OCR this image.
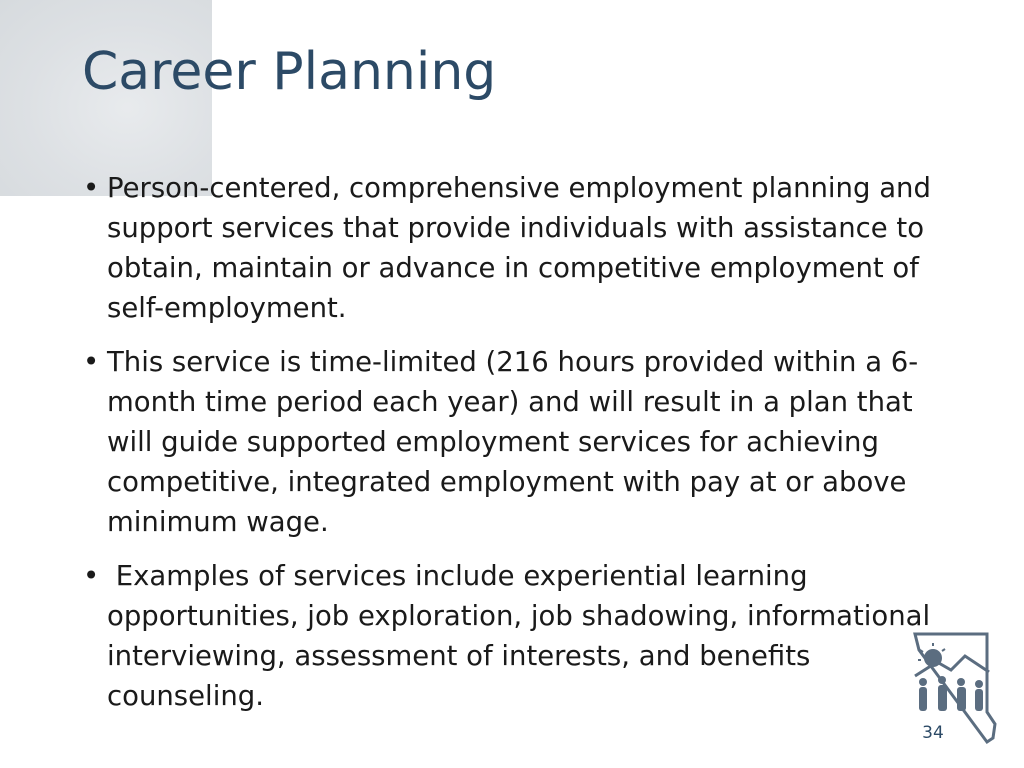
Career Planning
• Person-centered, comprehensive employment planning and support services that provide individuals with assistance to obtain, maintain or advance in competitive employment of self-employment.
• This service is time-limited (216 hours provided within a 6-month time period each year) and will result in a plan that will guide supported employment services for achieving competitive, integrated employment with pay at or above minimum wage.
• Examples of services include experiential learning opportunities, job exploration, job shadowing, informational interviewing, assessment of interests, and benefits counseling.
34
